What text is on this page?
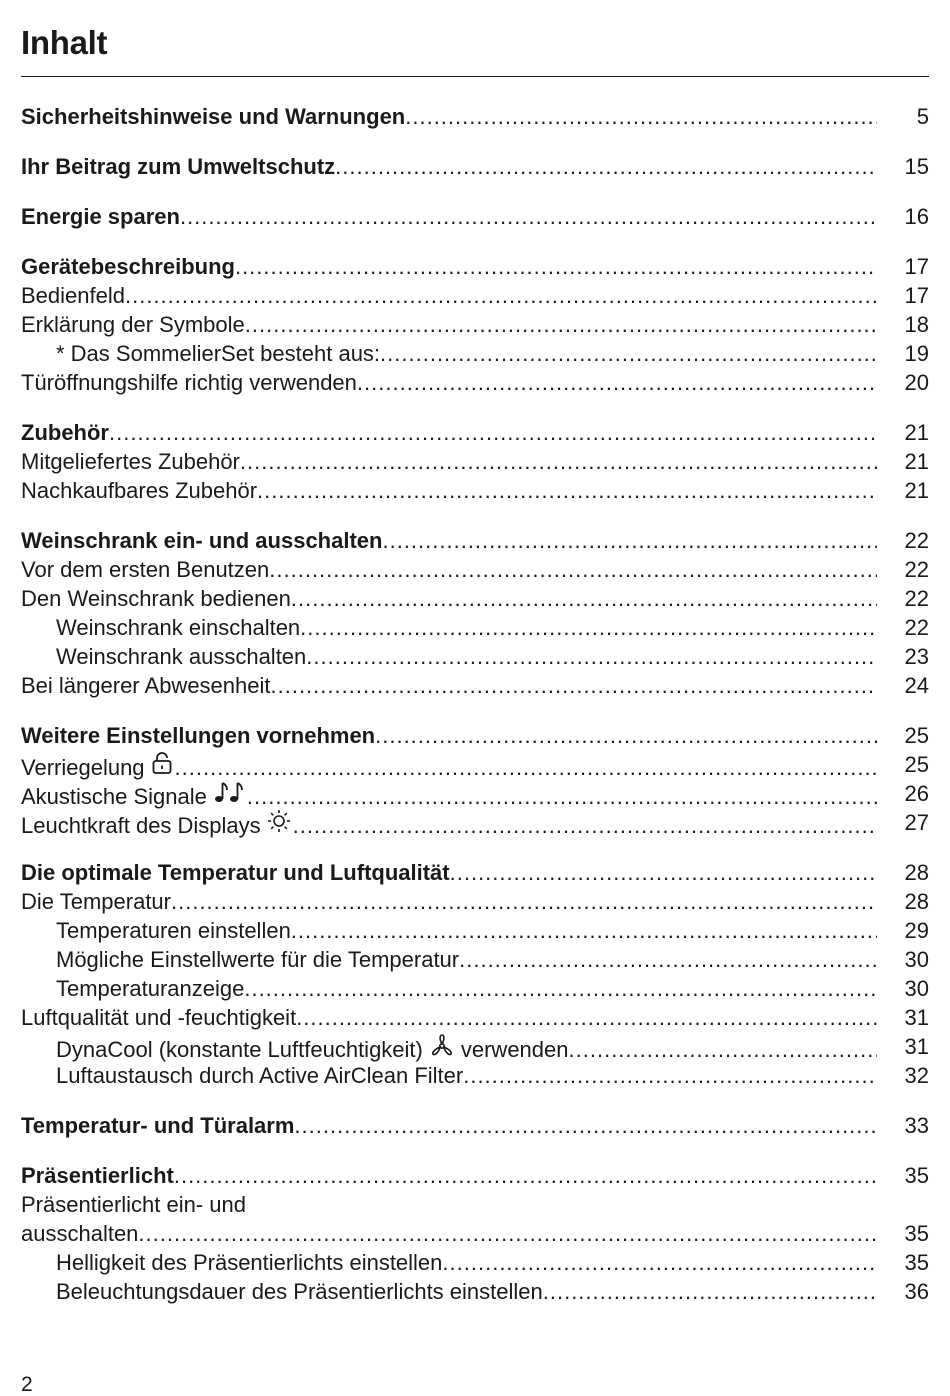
Inhalt
Sicherheitshinweise und Warnungen .....	5
Ihr Beitrag zum Umweltschutz .....	15
Energie sparen .....	16
Gerätebeschreibung .....	17
Bedienfeld .....	17
Erklärung der Symbole .....	18
* Das SommelierSet besteht aus: .....	19
Türöffnungshilfe richtig verwenden .....	20
Zubehör .....	21
Mitgeliefertes Zubehör .....	21
Nachkaufbares Zubehör .....	21
Weinschrank ein- und ausschalten .....	22
Vor dem ersten Benutzen .....	22
Den Weinschrank bedienen .....	22
Weinschrank einschalten .....	22
Weinschrank ausschalten .....	23
Bei längerer Abwesenheit .....	24
Weitere Einstellungen vornehmen .....	25
Verriegelung .....	25
Akustische Signale .....	26
Leuchtkraft des Displays .....	27
Die optimale Temperatur und Luftqualität .....	28
Die Temperatur .....	28
Temperaturen einstellen .....	29
Mögliche Einstellwerte für die Temperatur .....	30
Temperaturanzeige .....	30
Luftqualität und -feuchtigkeit .....	31
DynaCool (konstante Luftfeuchtigkeit) verwenden .....	31
Luftaustausch durch Active AirClean Filter .....	32
Temperatur- und Türalarm .....	33
Präsentierlicht .....	35
Präsentierlicht ein- und
ausschalten .....	35
Helligkeit des Präsentierlichts einstellen .....	35
Beleuchtungsdauer des Präsentierlichts einstellen .....	36
2
